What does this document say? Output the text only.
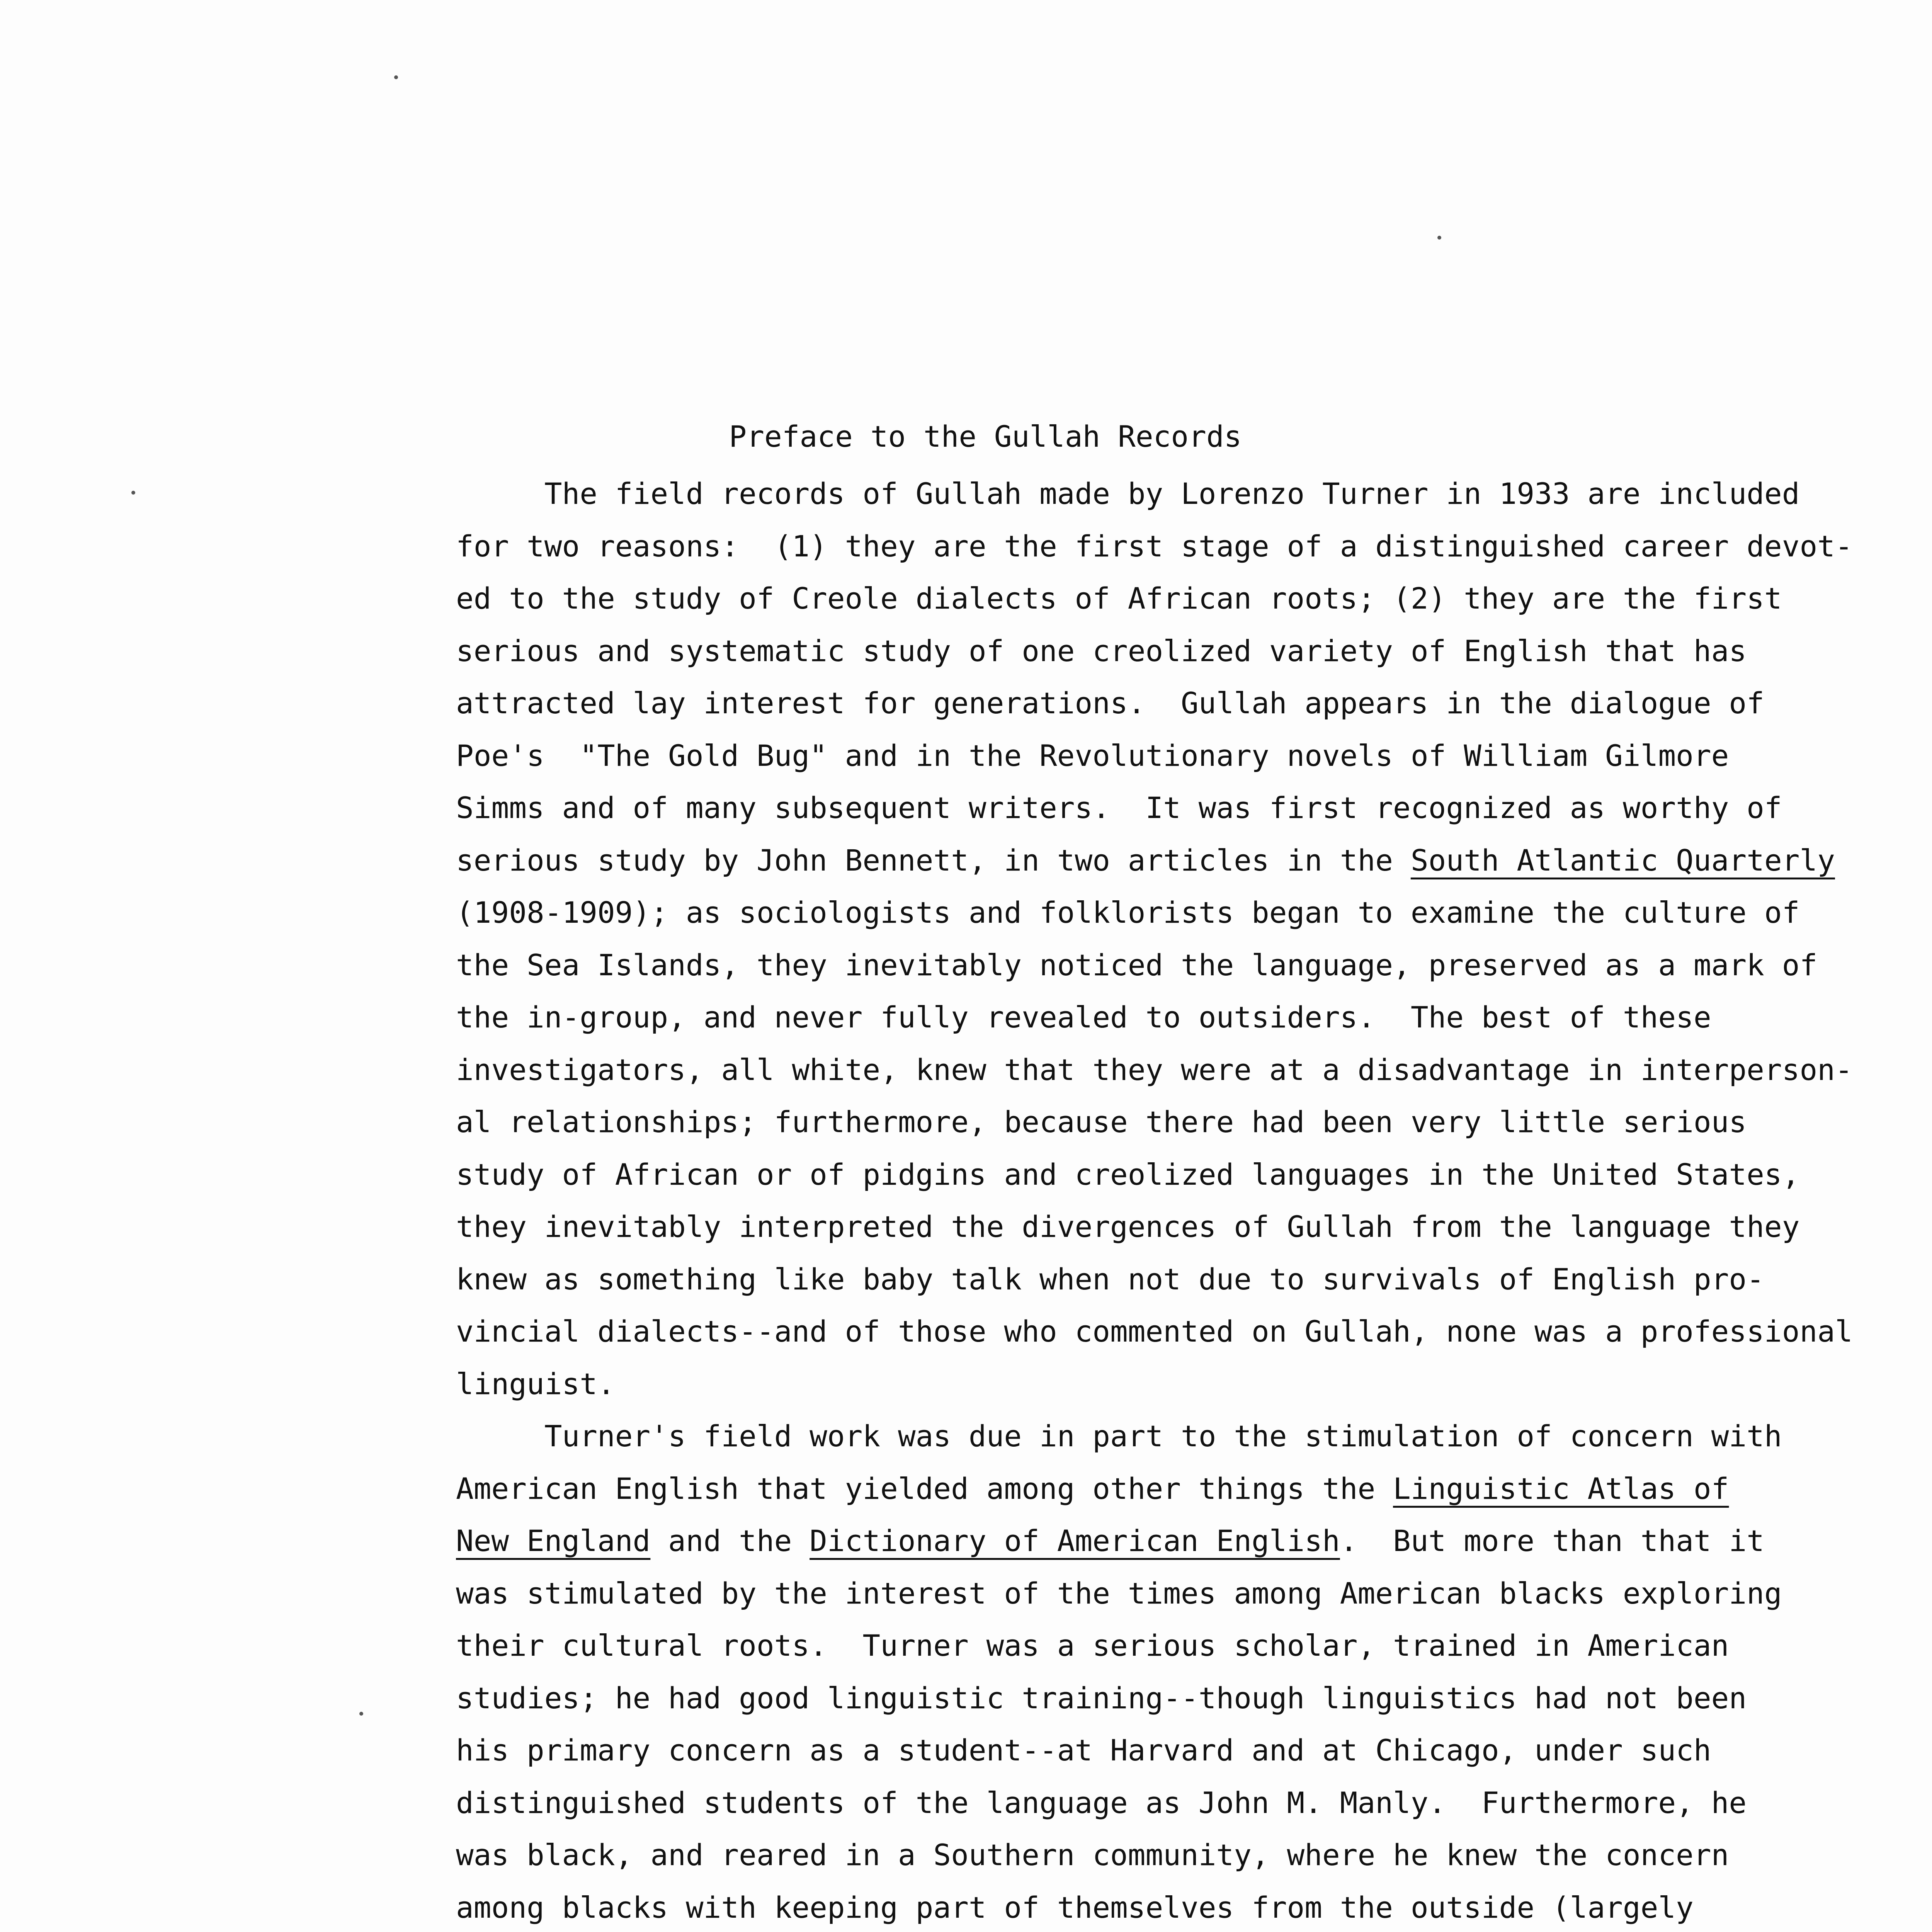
Preface to the Gullah Records
The field records of Gullah made by Lorenzo Turner in 1933 are included
for two reasons:  (1) they are the first stage of a distinguished career devot-
ed to the study of Creole dialects of African roots; (2) they are the first
serious and systematic study of one creolized variety of English that has
attracted lay interest for generations.  Gullah appears in the dialogue of
Poe's  "The Gold Bug" and in the Revolutionary novels of William Gilmore
Simms and of many subsequent writers.  It was first recognized as worthy of
serious study by John Bennett, in two articles in the South Atlantic Quarterly
(1908-1909); as sociologists and folklorists began to examine the culture of
the Sea Islands, they inevitably noticed the language, preserved as a mark of
the in-group, and never fully revealed to outsiders.  The best of these
investigators, all white, knew that they were at a disadvantage in interperson-
al relationships; furthermore, because there had been very little serious
study of African or of pidgins and creolized languages in the United States,
they inevitably interpreted the divergences of Gullah from the language they
knew as something like baby talk when not due to survivals of English pro-
vincial dialects--and of those who commented on Gullah, none was a professional
linguist.
Turner's field work was due in part to the stimulation of concern with
American English that yielded among other things the Linguistic Atlas of
New England and the Dictionary of American English.  But more than that it
was stimulated by the interest of the times among American blacks exploring
their cultural roots.  Turner was a serious scholar, trained in American
studies; he had good linguistic training--though linguistics had not been
his primary concern as a student--at Harvard and at Chicago, under such
distinguished students of the language as John M. Manly.  Furthermore, he
was black, and reared in a Southern community, where he knew the concern
among blacks with keeping part of themselves from the outside (largely
